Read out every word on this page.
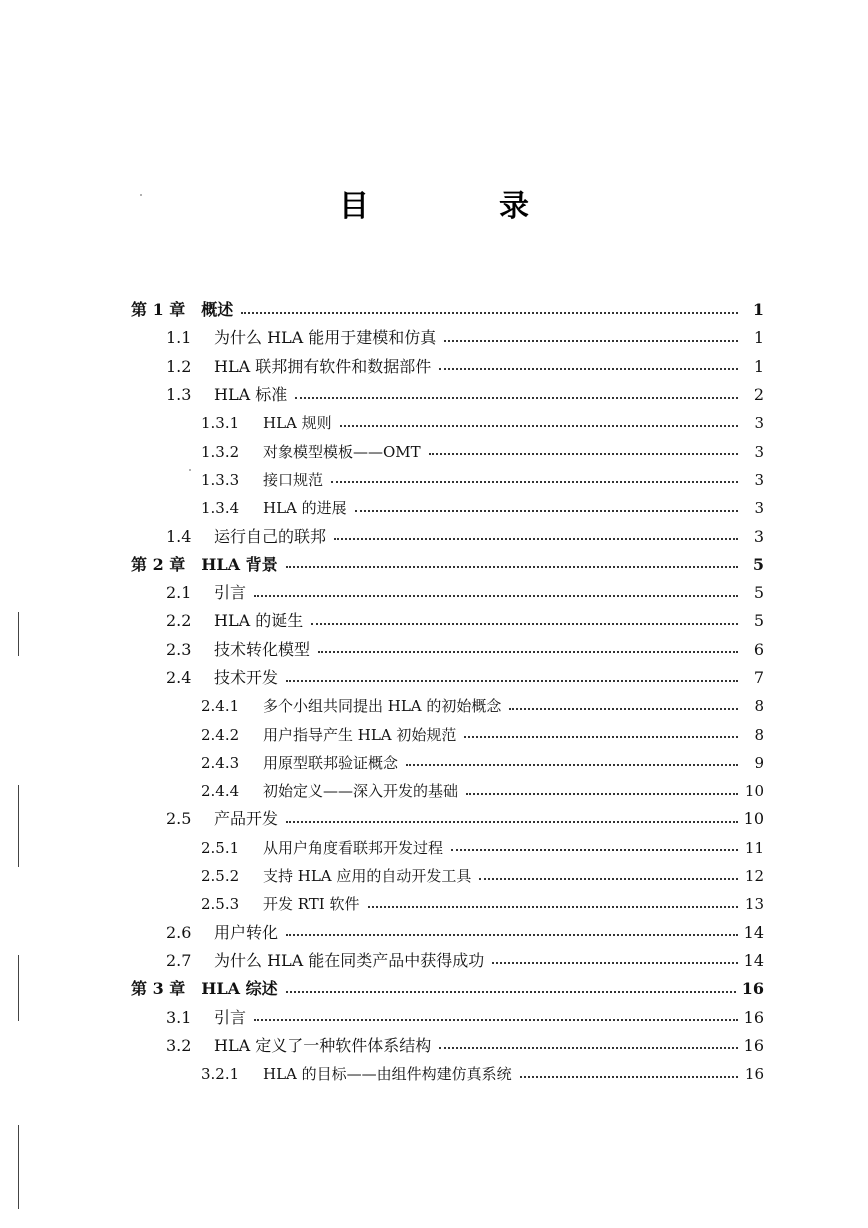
目　录
第 1 章 概述	1
1.1	为什么 HLA 能用于建模和仿真	1
1.2	HLA 联邦拥有软件和数据部件	1
1.3	HLA 标准	2
1.3.1	HLA 规则	3
1.3.2	对象模型模板——OMT	3
1.3.3	接口规范	3
1.3.4	HLA 的进展	3
1.4	运行自己的联邦	3
第 2 章 HLA 背景	5
2.1	引言	5
2.2	HLA 的诞生	5
2.3	技术转化模型	6
2.4	技术开发	7
2.4.1	多个小组共同提出 HLA 的初始概念	8
2.4.2	用户指导产生 HLA 初始规范	8
2.4.3	用原型联邦验证概念	9
2.4.4	初始定义——深入开发的基础	10
2.5	产品开发	10
2.5.1	从用户角度看联邦开发过程	11
2.5.2	支持 HLA 应用的自动开发工具	12
2.5.3	开发 RTI 软件	13
2.6	用户转化	14
2.7	为什么 HLA 能在同类产品中获得成功	14
第 3 章 HLA 综述	16
3.1	引言	16
3.2	HLA 定义了一种软件体系结构	16
3.2.1	HLA 的目标——由组件构建仿真系统	16
